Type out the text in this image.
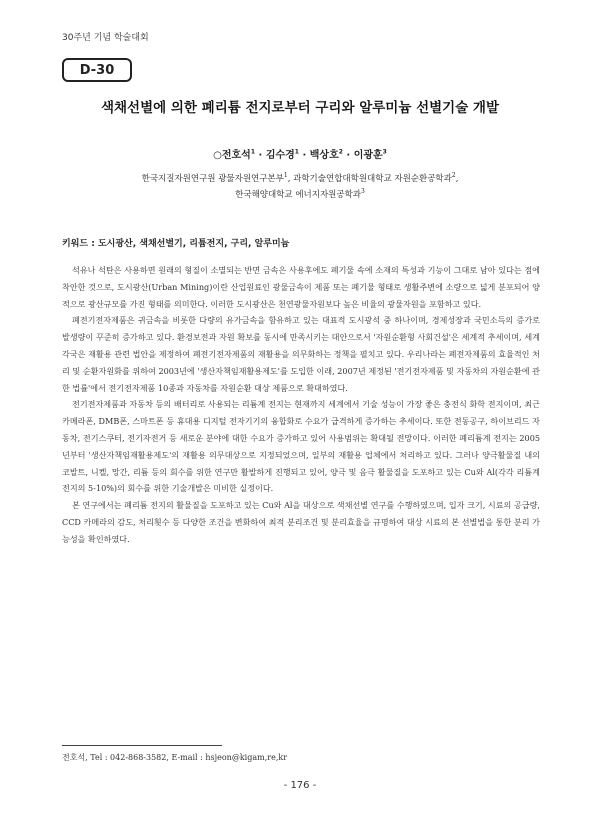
30주년 기념 학술대회
D-30
색채선별에 의한 폐리튬 전지로부터 구리와 알루미늄 선별기술 개발
○전호석$^1$ · 김수경$^1$ · 백상호$^2$ · 이광훈$^3$
한국지질자원연구원 광물자원연구본부$^1$, 과학기술연합대학원대학교 자원순환공학과$^2$,
한국해양대학교 에너지자원공학과$^3$
키워드 : 도시광산, 색채선별기, 리튬전지, 구리, 알루미늄

석유나 석탄은 사용하면 원래의 형질이 소멸되는 반면 금속은 사용후에도 폐기물 속에 소재의 특성과 기능이 그대로 남아 있다는 점에 착안한 것으로, 도시광산(Urban Mining)이란 산업원료인 광물금속이 제품 또는 폐기물 형태로 생활주변에 소량으로 넓게 분포되어 양적으로 광산규모를 가진 형태를 의미한다. 이러한 도시광산은 천연광물자원보다 높은 비율의 광물자원을 포함하고 있다.

폐전기전자제품은 귀금속을 비롯한 다량의 유가금속을 함유하고 있는 대표적 도시광석 중 하나이며, 경제성장과 국민소득의 증가로 발생량이 꾸준히 증가하고 있다. 환경보전과 자원 확보를 동시에 만족시키는 대안으로서 '자원순환형 사회건설'은 세계적 추세이며, 세계 각국은 재활용 관련 법안을 제정하여 폐전기전자제품의 재활용을 의무화하는 정책을 펼치고 있다. 우리나라는 폐전자제품의 효율적인 처리 및 순환자원화를 위하여 2003년에 '생산자책임재활용제도'를 도입한 이래, 2007년 제정된 '전기전자제품 및 자동차의 자원순환에 관한 법률'에서 전기전자제품 10종과 자동차를 자원순환 대상 제품으로 확대하였다.

전기전자제품과 자동차 등의 배터리로 사용되는 리튬계 전지는 현재까지 세계에서 기술 성능이 가장 좋은 충전식 화학 전지이며, 최근 카메라폰, DMB폰, 스마트폰 등 휴대용 디지털 전자기기의 융합화로 수요가 급격하게 증가하는 추세이다. 또한 전동공구, 하이브리드 자동차, 전기스쿠터, 전기자전거 등 새로운 분야에 대한 수요가 증가하고 있어 사용범위는 확대될 전망이다. 이러한 폐리튬계 전지는 2005년부터 '생산자책임재활용제도'의 재활용 의무대상으로 지정되었으며, 일부의 재활용 업체에서 처리하고 있다. 그러나 양극활물질 내의 코발트, 니켈, 망간, 리튬 등의 회수를 위한 연구만 활발하게 진행되고 있어, 양극 및 음극 활물질을 도포하고 있는 Cu와 Al(각각 리튬계 전지의 5-10%)의 회수를 위한 기술개발은 미비한 실정이다.

본 연구에서는 폐리튬 전지의 활물질을 도포하고 있는 Cu와 Al을 대상으로 색채선별 연구를 수행하였으며, 입자 크기, 시료의 공급량, CCD 카메라의 감도, 처리횟수 등 다양한 조건을 변화하여 최적 분리조건 및 분리효율을 규명하여 대상 시료의 본 선별법을 통한 분리 가능성을 확인하였다.

전호석, Tel : 042-868-3582, E-mail : hsjeon@kigam,re,kr
- 176 -
